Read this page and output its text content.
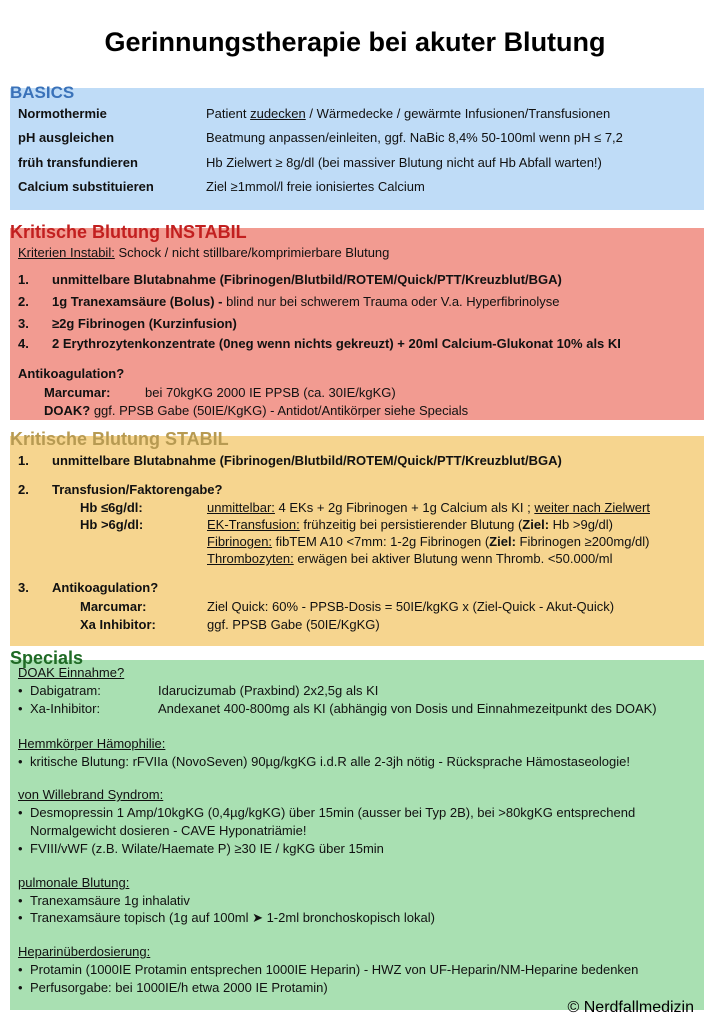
Gerinnungstherapie bei akuter Blutung
BASICS
Normothermie	Patient zudecken / Wärmedecke / gewärmte Infusionen/Transfusionen
pH ausgleichen	Beatmung anpassen/einleiten, ggf. NaBic 8,4% 50-100ml wenn pH ≤ 7,2
früh transfundieren	Hb Zielwert ≥ 8g/dl (bei massiver Blutung nicht auf Hb Abfall warten!)
Calcium substituieren	Ziel ≥1mmol/l freie ionisiertes Calcium
Kritische Blutung INSTABIL
Kriterien Instabil: Schock / nicht stillbare/komprimierbare Blutung
1. unmittelbare Blutabnahme (Fibrinogen/Blutbild/ROTEM/Quick/PTT/Kreuzblut/BGA)
2. 1g Tranexamsäure (Bolus) - blind nur bei schwerem Trauma oder V.a. Hyperfibrinolyse
3. ≥2g Fibrinogen (Kurzinfusion)
4. 2 Erythrozytenkonzentrate (0neg wenn nichts gekreuzt) + 20ml Calcium-Glukonat 10% als KI
Antikoagulation?
Marcumar:	bei 70kgKG 2000 IE PPSB (ca. 30IE/kgKG)
DOAK? ggf. PPSB Gabe (50IE/KgKG) - Antidot/Antikörper siehe Specials
Kritische Blutung STABIL
1. unmittelbare Blutabnahme (Fibrinogen/Blutbild/ROTEM/Quick/PTT/Kreuzblut/BGA)
2. Transfusion/Faktorengabe?
Hb ≤6g/dl:	unmittelbar: 4 EKs + 2g Fibrinogen + 1g Calcium als KI ; weiter nach Zielwert
Hb >6g/dl:	EK-Transfusion: frühzeitig bei persistierender Blutung (Ziel: Hb >9g/dl)
Fibrinogen: fibTEM A10 <7mm: 1-2g Fibrinogen (Ziel: Fibrinogen ≥200mg/dl)
Thrombozyten: erwägen bei aktiver Blutung wenn Thromb. <50.000/ml
3. Antikoagulation?
Marcumar:	Ziel Quick: 60% - PPSB-Dosis = 50IE/kgKG x (Ziel-Quick - Akut-Quick)
Xa Inhibitor:	ggf. PPSB Gabe (50IE/KgKG)
Specials
DOAK Einnahme?
• Dabigatram:	Idarucizumab (Praxbind) 2x2,5g als KI
• Xa-Inhibitor:	Andexanet 400-800mg als KI (abhängig von Dosis und Einnahmezeitpunkt des DOAK)
Hemmkörper Hämophilie:
• kritische Blutung: rFVIIa (NovoSeven) 90µg/kgKG i.d.R alle 2-3jh nötig - Rücksprache Hämostaseologie!
von Willebrand Syndrom:
• Desmopressin 1 Amp/10kgKG (0,4µg/kgKG) über 15min (ausser bei Typ 2B), bei >80kgKG entsprechend
Normalgewicht dosieren - CAVE Hyponatriämie!
• FVIII/vWF (z.B. Wilate/Haemate P) ≥30 IE / kgKG über 15min
pulmonale Blutung:
• Tranexamsäure 1g inhalativ
• Tranexamsäure topisch (1g auf 100ml ➤ 1-2ml bronchoskopisch lokal)
Heparinüberdosierung:
• Protamin (1000IE Protamin entsprechen 1000IE Heparin) - HWZ von UF-Heparin/NM-Heparine bedenken
• Perfusorgabe: bei 1000IE/h etwa 2000 IE Protamin)
© Nerdfallmedizin
